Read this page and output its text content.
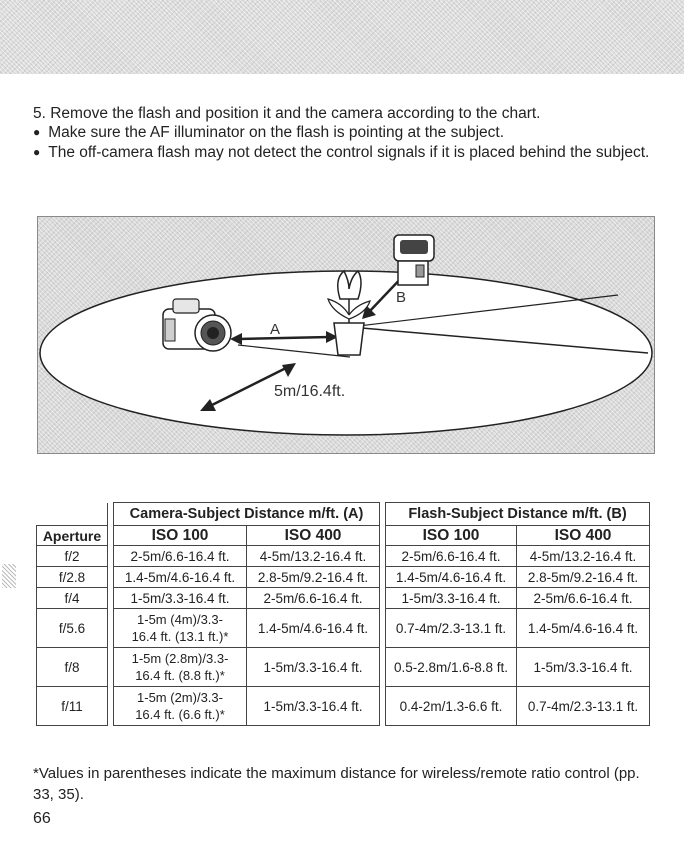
5. Remove the flash and position it and the camera according to the chart.

● Make sure the AF illuminator on the flash is pointing at the subject.

● The off-camera flash may not detect the control signals if it is placed behind the subject.

A
B
5m/16.4ft.
		Camera-Subject Distance m/ft. (A)			Flash-Subject Distance m/ft. (B)	
Aperture		ISO 100	ISO 400		ISO 100	ISO 400
f/2		2-5m/6.6-16.4 ft.	4-5m/13.2-16.4 ft.		2-5m/6.6-16.4 ft.	4-5m/13.2-16.4 ft.
f/2.8		1.4-5m/4.6-16.4 ft.	2.8-5m/9.2-16.4 ft.		1.4-5m/4.6-16.4 ft.	2.8-5m/9.2-16.4 ft.
f/4		1-5m/3.3-16.4 ft.	2-5m/6.6-16.4 ft.		1-5m/3.3-16.4 ft.	2-5m/6.6-16.4 ft.
f/5.6		1-5m (4m)/3.3-
16.4 ft. (13.1 ft.)*	1.4-5m/4.6-16.4 ft.		0.7-4m/2.3-13.1 ft.	1.4-5m/4.6-16.4 ft.
f/8		1-5m (2.8m)/3.3-
16.4 ft. (8.8 ft.)*	1-5m/3.3-16.4 ft.		0.5-2.8m/1.6-8.8 ft.	1-5m/3.3-16.4 ft.
f/11		1-5m (2m)/3.3-
16.4 ft. (6.6 ft.)*	1-5m/3.3-16.4 ft.		0.4-2m/1.3-6.6 ft.	0.7-4m/2.3-13.1 ft.
*Values in parentheses indicate the maximum distance for wireless/remote ratio control (pp. 33, 35).
66
